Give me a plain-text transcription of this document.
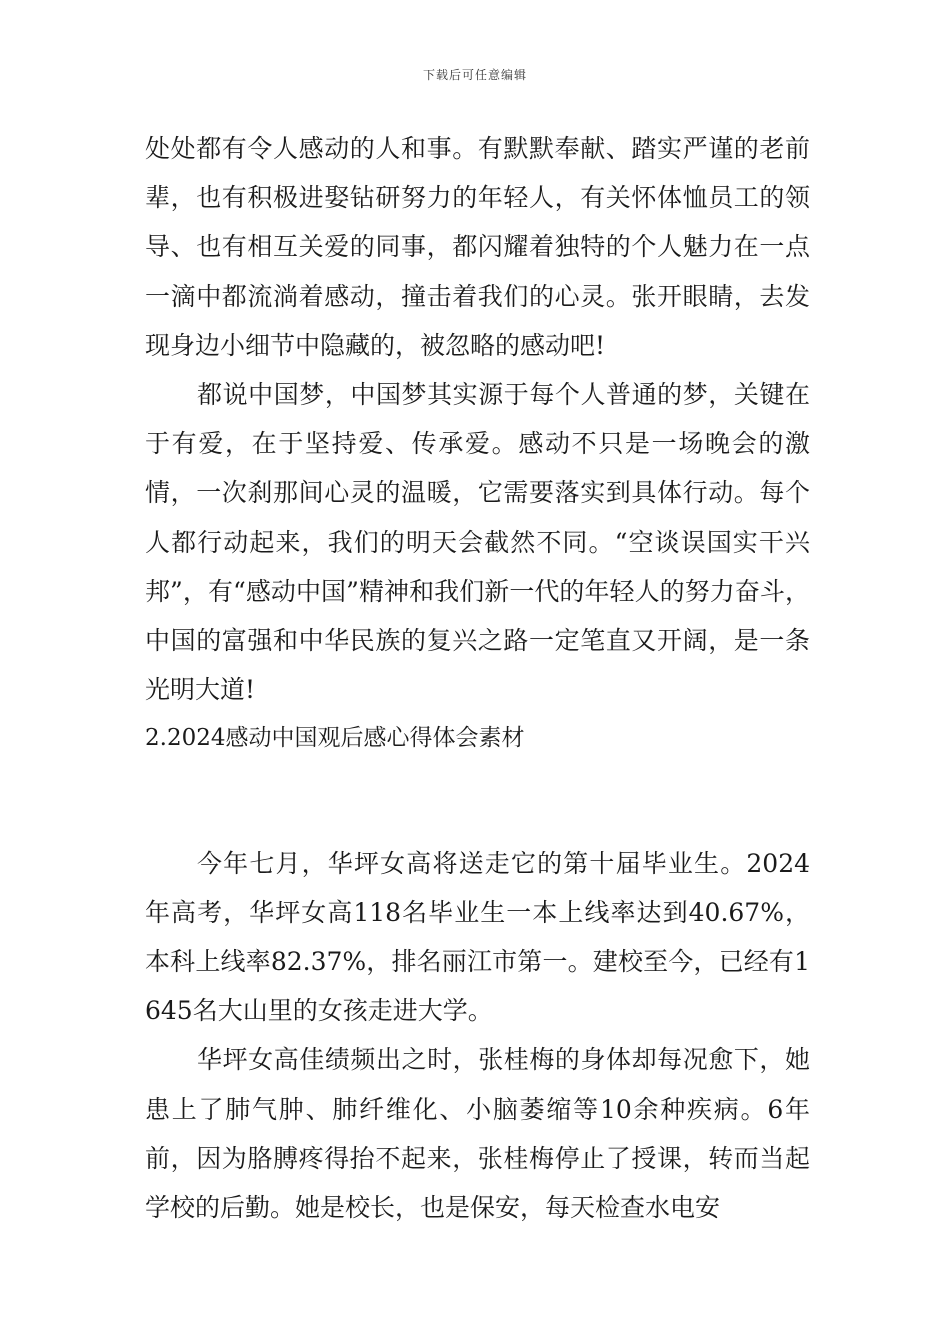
下载后可任意编辑

处处都有令人感动的人和事。有默默奉献、踏实严谨的老前辈，也有积极进娶钻研努力的年轻人，有关怀体恤员工的领导、也有相互关爱的同事，都闪耀着独特的个人魅力在一点一滴中都流淌着感动，撞击着我们的心灵。张开眼睛，去发现身边小细节中隐藏的，被忽略的感动吧!

都说中国梦，中国梦其实源于每个人普通的梦，关键在于有爱，在于坚持爱、传承爱。感动不只是一场晚会的激情，一次刹那间心灵的温暖，它需要落实到具体行动。每个人都行动起来，我们的明天会截然不同。“空谈误国实干兴邦”，有“感动中国”精神和我们新一代的年轻人的努力奋斗，中国的富强和中华民族的复兴之路一定笔直又开阔，是一条光明大道!

2.2024感动中国观后感心得体会素材

今年七月，华坪女高将送走它的第十届毕业生。2024年高考，华坪女高118名毕业生一本上线率达到40.67%，本科上线率82.37%，排名丽江市第一。建校至今，已经有1645名大山里的女孩走进大学。

华坪女高佳绩频出之时，张桂梅的身体却每况愈下，她患上了肺气肿、肺纤维化、小脑萎缩等10余种疾病。6年前，因为胳膊疼得抬不起来，张桂梅停止了授课，转而当起学校的后勤。她是校长，也是保安，每天检查水电安
